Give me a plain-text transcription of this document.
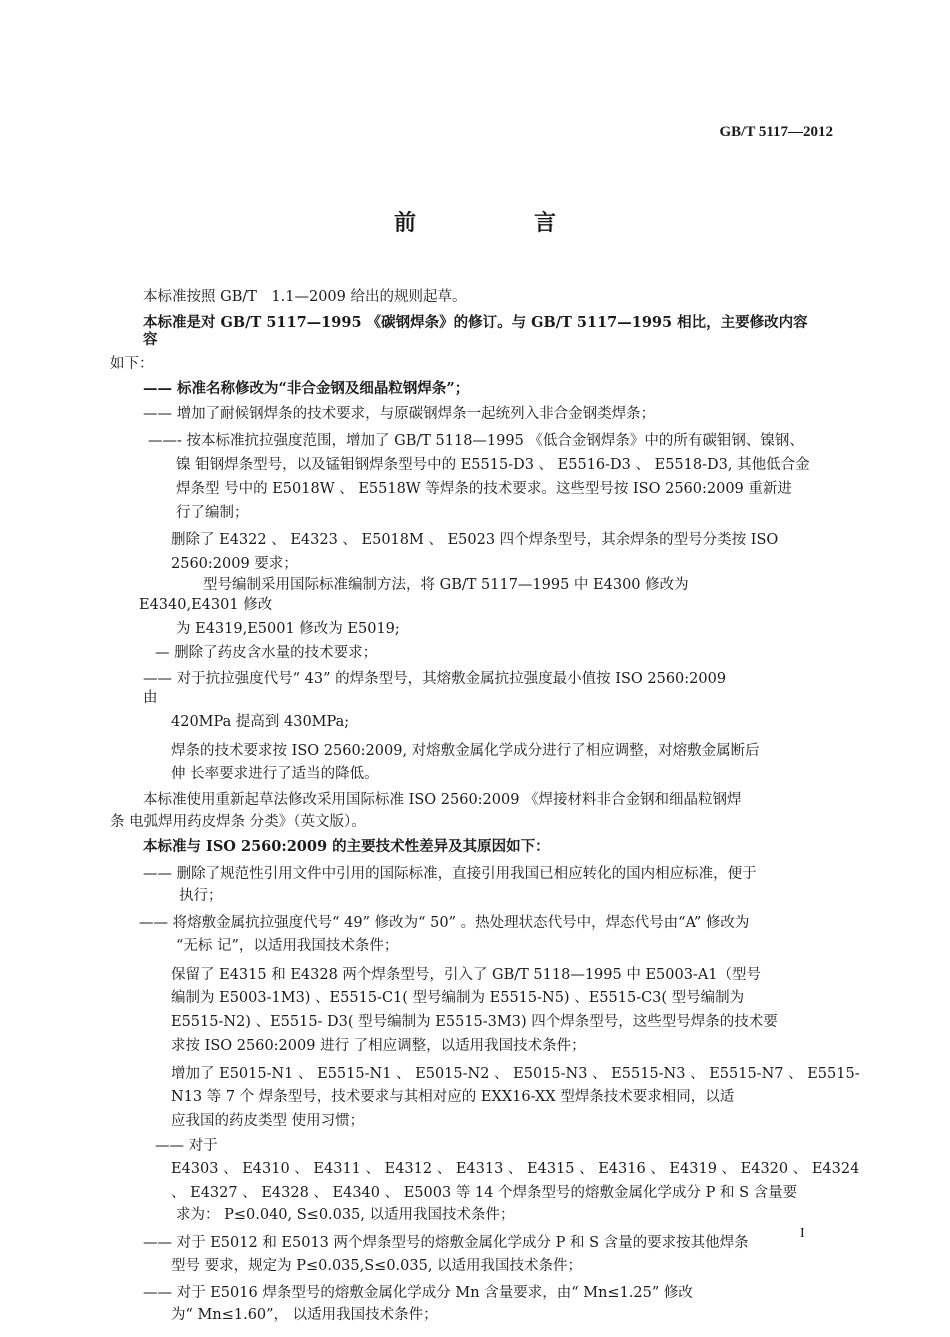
GB/T 5117—2012
前　言
本标准按照 GB/T　1.1—2009 给出的规则起草。
本标准是对 GB/T 5117—1995 《碳钢焊条》的修订。与 GB/T 5117—1995 相比，主要修改内容
容
如下：
—— 标准名称修改为“非合金钢及细晶粒钢焊条”；
—— 增加了耐候钢焊条的技术要求，与原碳钢焊条一起统列入非合金钢类焊条；
——- 按本标准抗拉强度范围，增加了 GB/T 5118—1995 《低合金钢焊条》中的所有碳钼钢、镍钢、
镍 钼钢焊条型号，以及锰钼钢焊条型号中的 E5515-D3 、 E5516-D3 、 E5518-D3, 其他低合金
焊条型 号中的 E5018W 、 E5518W 等焊条的技术要求。这些型号按 ISO 2560:2009 重新进
行了编制；
删除了 E4322 、 E4323 、 E5018M 、 E5023 四个焊条型号，其余焊条的型号分类按 ISO
2560:2009 要求；
型号编制采用国际标准编制方法，将 GB/T 5117—1995 中 E4300 修改为
E4340,E4301 修改
为 E4319,E5001 修改为 E5019;
— 删除了药皮含水量的技术要求；
—— 对于抗拉强度代号“ 43” 的焊条型号，其熔敷金属抗拉强度最小值按 ISO 2560:2009
由
420MPa 提高到 430MPa;
焊条的技术要求按 ISO 2560:2009, 对熔敷金属化学成分进行了相应调整，对熔敷金属断后
伸 长率要求进行了适当的降低。
本标准使用重新起草法修改采用国际标准 ISO 2560:2009 《焊接材料非合金钢和细晶粒钢焊
条 电弧焊用药皮焊条 分类》（英文版）。
本标准与 ISO 2560:2009 的主要技术性差异及其原因如下：
—— 删除了规范性引用文件中引用的国际标准，直接引用我国已相应转化的国内相应标准，便于
执行；
—— 将熔敷金属抗拉强度代号“ 49” 修改为“ 50” 。热处理状态代号中，焊态代号由“A” 修改为
“无标 记”，以适用我国技术条件；
保留了 E4315 和 E4328 两个焊条型号，引入了 GB/T 5118—1995 中 E5003-A1（型号
编制为 E5003-1M3) 、E5515-C1( 型号编制为 E5515-N5) 、E5515-C3( 型号编制为
E5515-N2) 、E5515- D3( 型号编制为 E5515-3M3) 四个焊条型号，这些型号焊条的技术要
求按 ISO 2560:2009 进行 了相应调整，以适用我国技术条件；
增加了 E5015-N1 、 E5515-N1 、 E5015-N2 、 E5015-N3 、 E5515-N3 、 E5515-N7 、 E5515-
N13 等 7 个 焊条型号，技术要求与其相对应的 EXX16-XX 型焊条技术要求相同，以适
应我国的药皮类型 使用习惯；
—— 对于
E4303 、 E4310 、 E4311 、 E4312 、 E4313 、 E4315 、 E4316 、 E4319 、 E4320 、 E4324
、 E4327 、 E4328 、 E4340 、 E5003 等 14 个焊条型号的熔敷金属化学成分 P 和 S 含量要
求为： P≤0.040, S≤0.035, 以适用我国技术条件；
—— 对于 E5012 和 E5013 两个焊条型号的熔敷金属化学成分 P 和 S 含量的要求按其他焊条
型号 要求，规定为 P≤0.035,S≤0.035, 以适用我国技术条件；
—— 对于 E5016 焊条型号的熔敷金属化学成分 Mn 含量要求，由“ Mn≤1.25” 修改
为“ Mn≤1.60”， 以适用我国技术条件；
I
